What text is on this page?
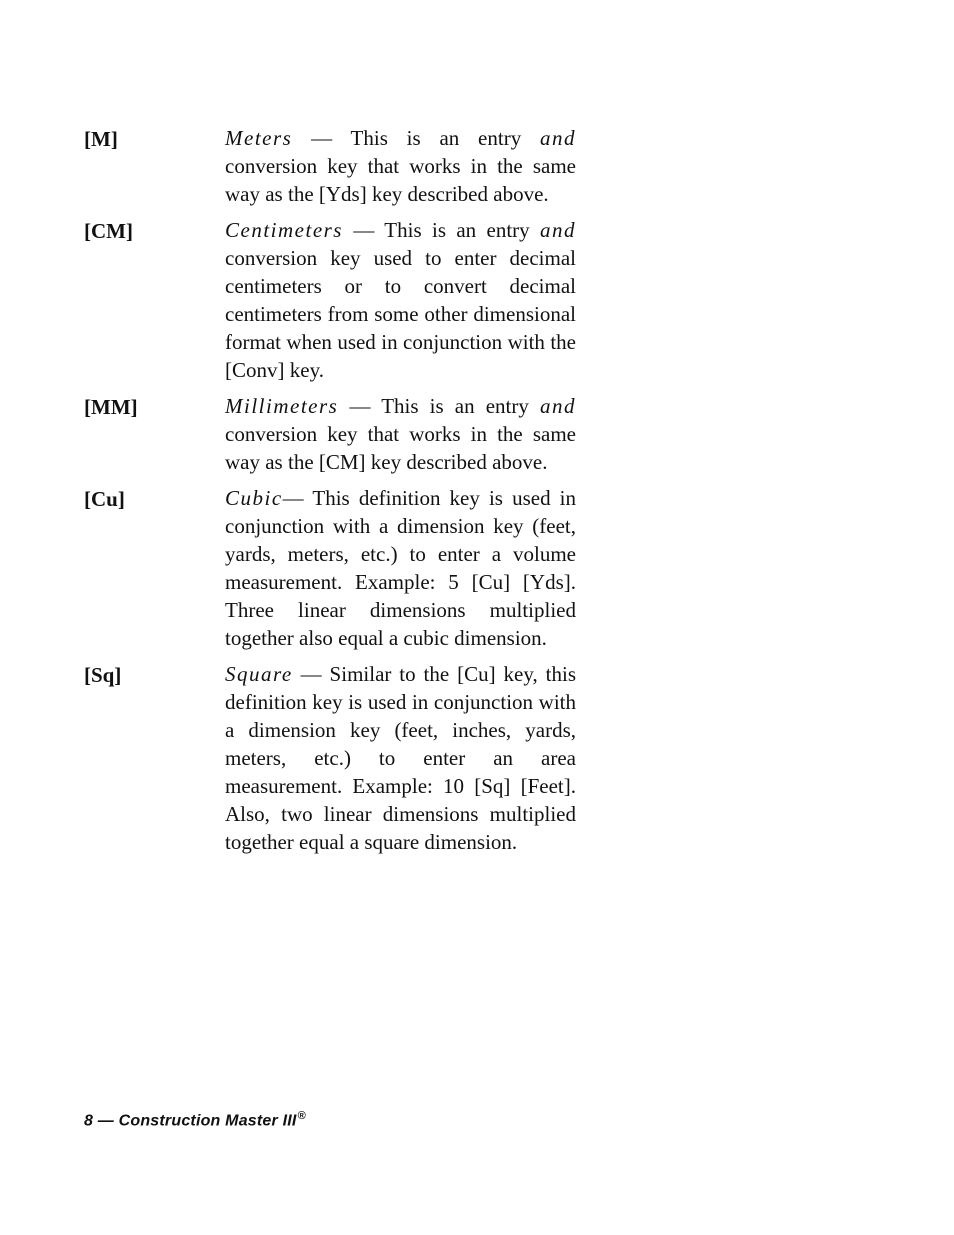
[M]	Meters — This is an entry and conversion key that works in the same way as the [Yds] key described above.
[CM]	Centimeters — This is an entry and conversion key used to enter decimal centimeters or to convert decimal centimeters from some other dimensional format when used in conjunction with the [Conv] key.
[MM]	Millimeters — This is an entry and conversion key that works in the same way as the [CM] key described above.
[Cu]	Cubic— This definition key is used in conjunction with a dimension key (feet, yards, meters, etc.) to enter a volume measurement. Example: 5 [Cu] [Yds]. Three linear dimensions multiplied together also equal a cubic dimension.
[Sq]	Square — Similar to the [Cu] key, this definition key is used in conjunction with a dimension key (feet, inches, yards, meters, etc.) to enter an area measurement. Example: 10 [Sq] [Feet]. Also, two linear dimensions multiplied together equal a square dimension.
8 — Construction Master III®
